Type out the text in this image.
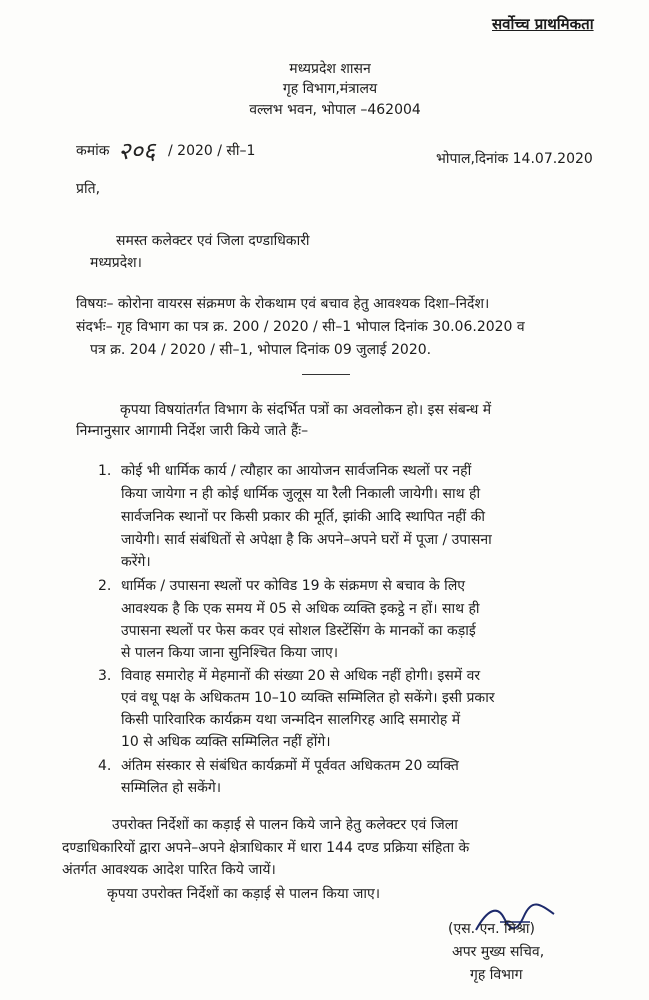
सर्वोच्च प्राथमिकता
मध्यप्रदेश शासन
गृह विभाग,मंत्रालय
वल्लभ भवन, भोपाल –462004
कमांक २०६ / 2020 / सी–1	भोपाल,दिनांक 14.07.2020
प्रति,
समस्त कलेक्टर एवं जिला दण्डाधिकारी
मध्यप्रदेश।
विषयः– कोरोना वायरस संक्रमण के रोकथाम एवं बचाव हेतु आवश्यक दिशा–निर्देश।
संदर्भः– गृह विभाग का पत्र क्र. 200 / 2020 / सी–1 भोपाल दिनांक 30.06.2020 व
पत्र क्र. 204 / 2020 / सी–1, भोपाल दिनांक 09 जुलाई 2020.
कृपया विषयांतर्गत विभाग के संदर्भित पत्रों का अवलोकन हो। इस संबन्ध में
निम्नानुसार आगामी निर्देश जारी किये जाते हैंः–
1. कोई भी धार्मिक कार्य / त्यौहार का आयोजन सार्वजनिक स्थलों पर नहीं
किया जायेगा न ही कोई धार्मिक जुलूस या रैली निकाली जायेगी। साथ ही
सार्वजनिक स्थानों पर किसी प्रकार की मूर्ति, झांकी आदि स्थापित नहीं की
जायेगी। सार्व संबंधितों से अपेक्षा है कि अपने–अपने घरों में पूजा / उपासना
करेंगे।
2. धार्मिक / उपासना स्थलों पर कोविड 19 के संक्रमण से बचाव के लिए
आवश्यक है कि एक समय में 05 से अधिक व्यक्ति इकट्ठे न हों। साथ ही
उपासना स्थलों पर फेस कवर एवं सोशल डिस्टेंसिंग के मानकों का कड़ाई
से पालन किया जाना सुनिश्चित किया जाए।
3. विवाह समारोह में मेहमानों की संख्या 20 से अधिक नहीं होगी। इसमें वर
एवं वधू पक्ष के अधिकतम 10–10 व्यक्ति सम्मिलित हो सकेंगे। इसी प्रकार
किसी पारिवारिक कार्यक्रम यथा जन्मदिन सालगिरह आदि समारोह में
10 से अधिक व्यक्ति सम्मिलित नहीं होंगे।
4. अंतिम संस्कार से संबंधित कार्यक्रमों में पूर्ववत अधिकतम 20 व्यक्ति
सम्मिलित हो सकेंगे।
उपरोक्त निर्देशों का कड़ाई से पालन किये जाने हेतु कलेक्टर एवं जिला
दण्डाधिकारियों द्वारा अपने–अपने क्षेत्राधिकार में धारा 144 दण्ड प्रक्रिया संहिता के
अंतर्गत आवश्यक आदेश पारित किये जायें।
कृपया उपरोक्त निर्देशों का कड़ाई से पालन किया जाए।
(एस. एन. मिश्रा)
अपर मुख्य सचिव,
गृह विभाग
